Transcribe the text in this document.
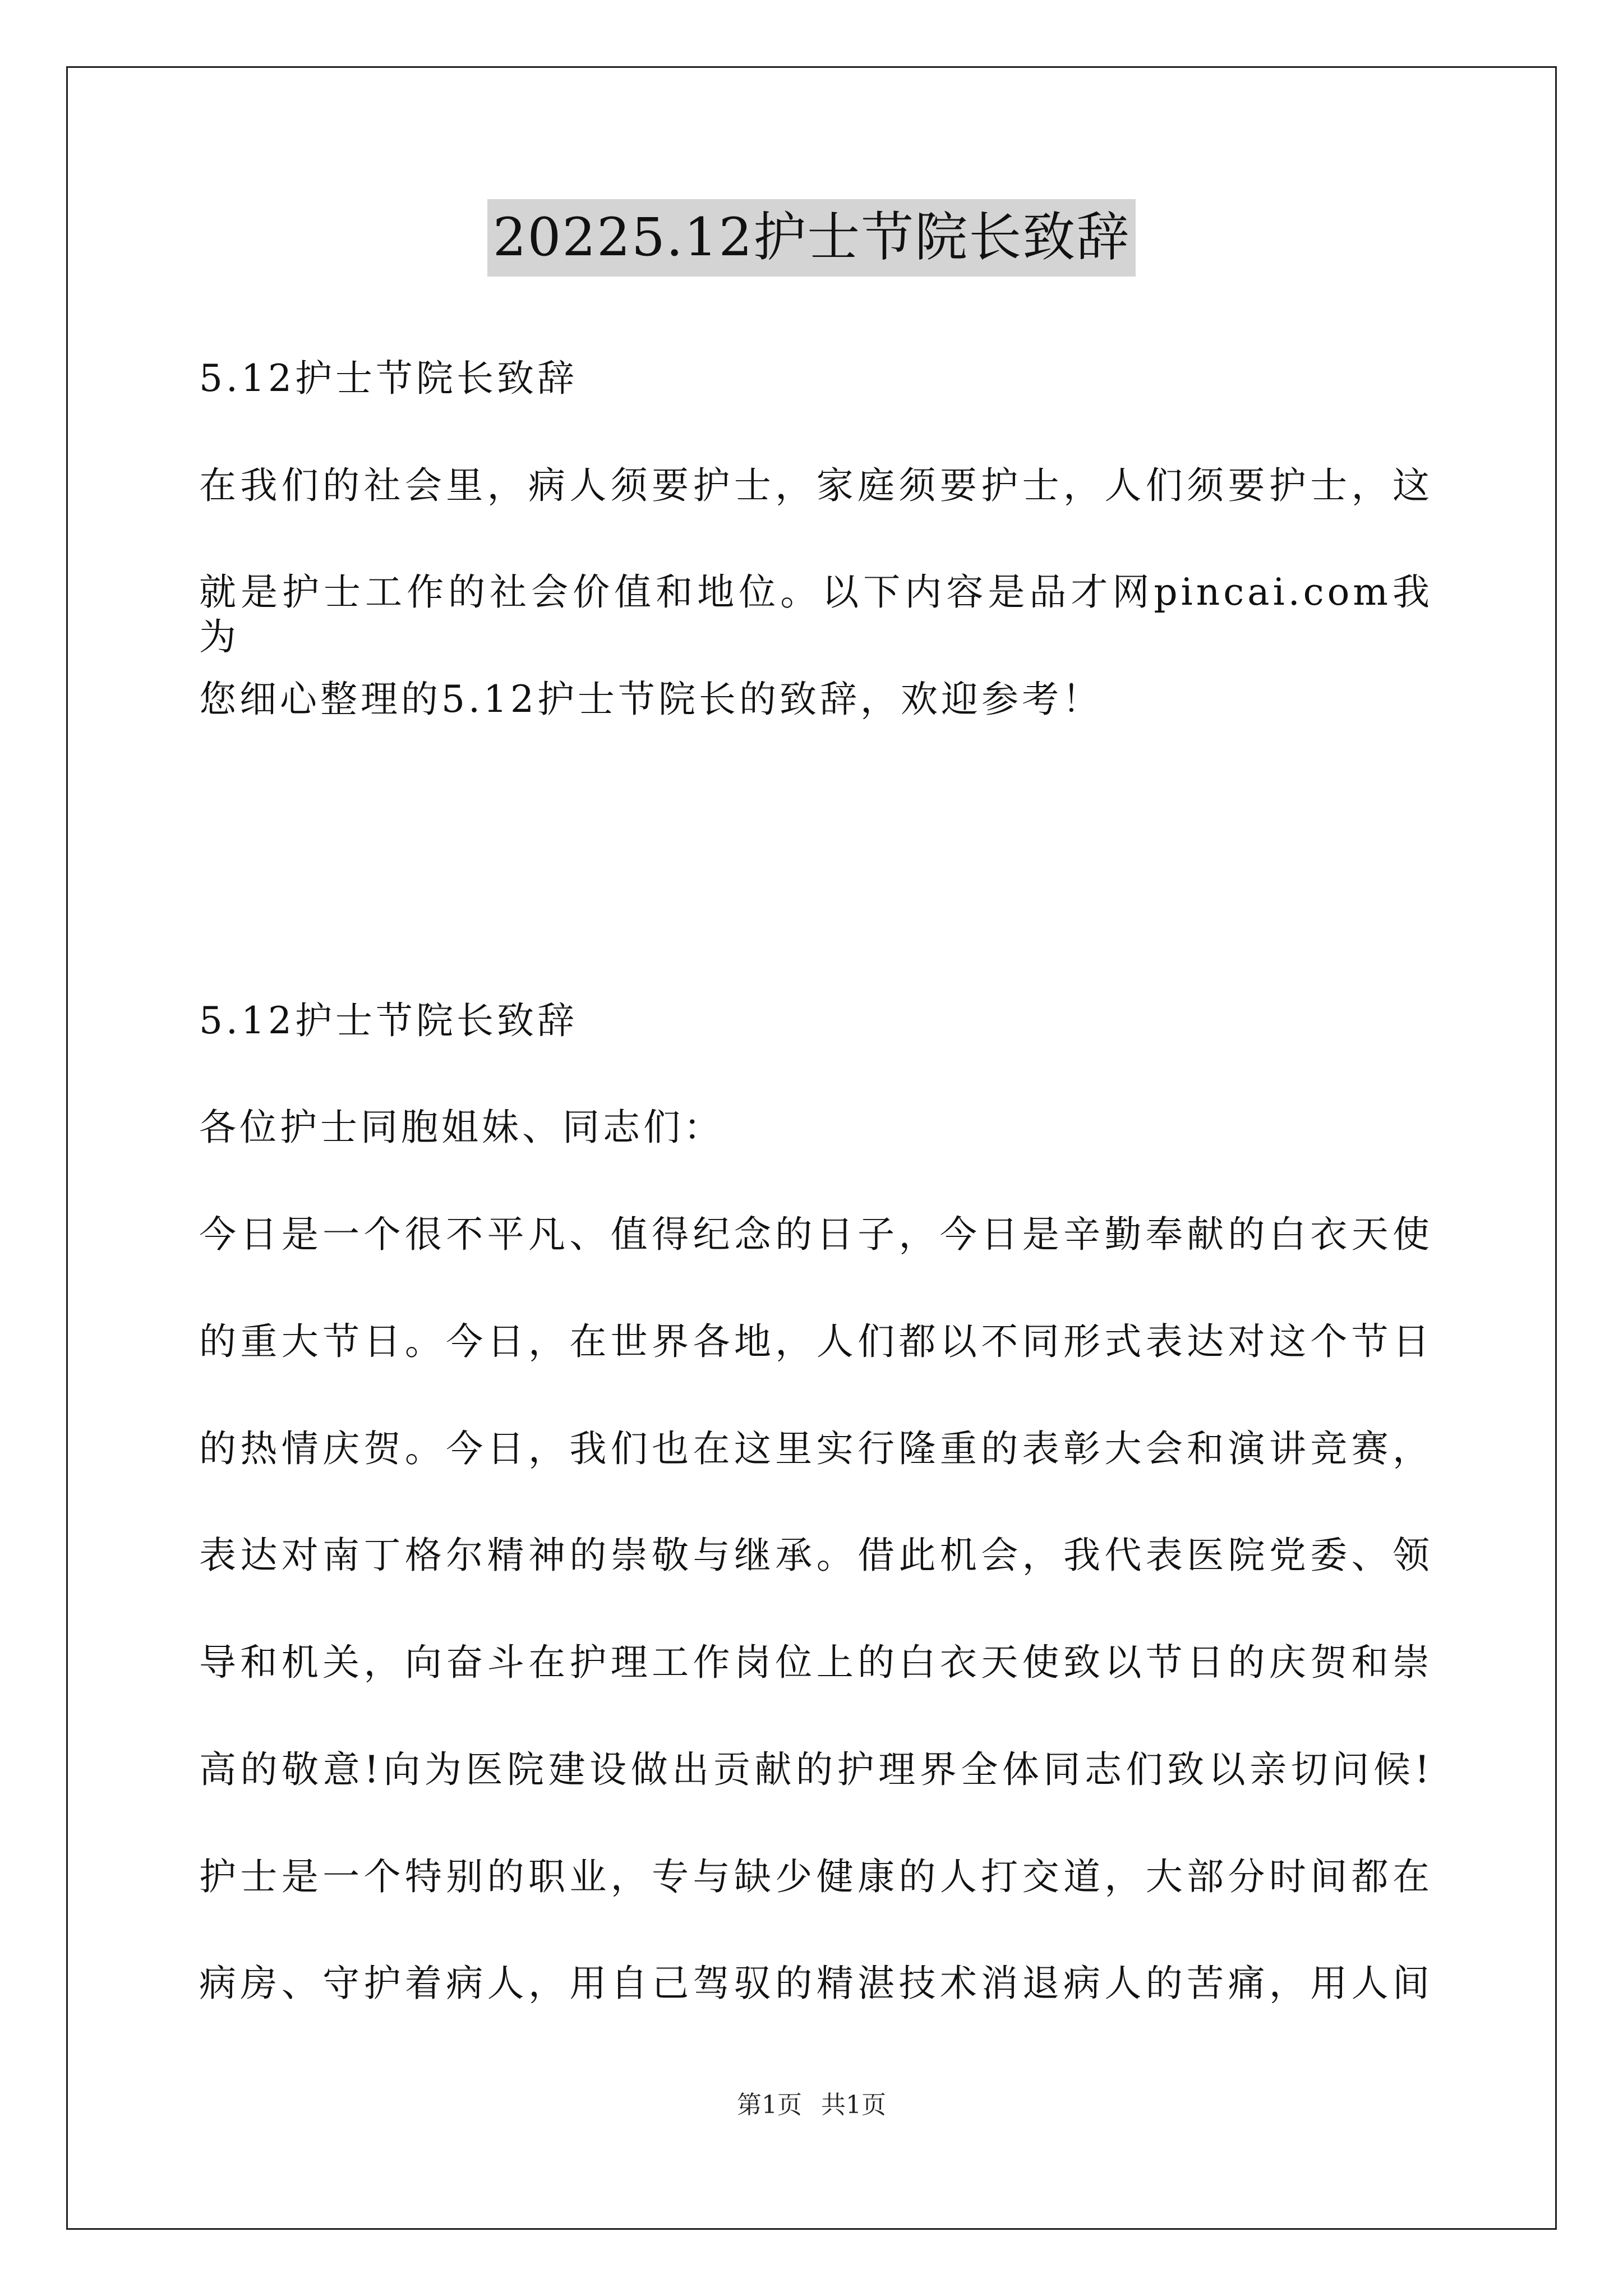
20225.12护士节院长致辞
5.12护士节院长致辞
在我们的社会里，病人须要护士，家庭须要护士，人们须要护士，这
就是护士工作的社会价值和地位。以下内容是品才网pincai.com我为
您细心整理的5.12护士节院长的致辞，欢迎参考！
5.12护士节院长致辞
各位护士同胞姐妹、同志们：
今日是一个很不平凡、值得纪念的日子，今日是辛勤奉献的白衣天使
的重大节日。今日，在世界各地，人们都以不同形式表达对这个节日
的热情庆贺。今日，我们也在这里实行隆重的表彰大会和演讲竞赛，
表达对南丁格尔精神的崇敬与继承。借此机会，我代表医院党委、领
导和机关，向奋斗在护理工作岗位上的白衣天使致以节日的庆贺和崇
高的敬意!向为医院建设做出贡献的护理界全体同志们致以亲切问候!
护士是一个特别的职业，专与缺少健康的人打交道，大部分时间都在
病房、守护着病人，用自己驾驭的精湛技术消退病人的苦痛，用人间
第1页 共1页
